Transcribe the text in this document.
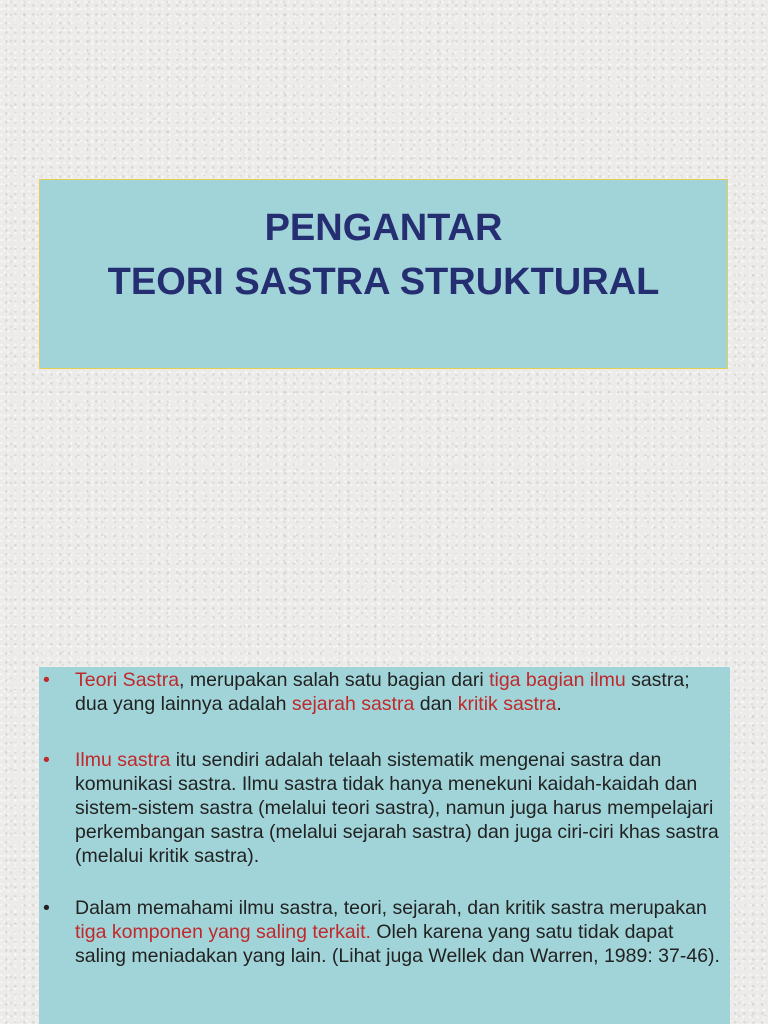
PENGANTAR
TEORI SASTRA STRUKTURAL
•	Teori Sastra, merupakan salah satu bagian dari tiga bagian ilmu sastra; dua yang lainnya adalah sejarah sastra dan kritik sastra.
•	Ilmu sastra itu sendiri adalah telaah sistematik mengenai sastra dan komunikasi sastra. Ilmu sastra tidak hanya menekuni kaidah-kaidah dan sistem-sistem sastra (melalui teori sastra), namun juga harus mempelajari perkembangan sastra (melalui sejarah sastra) dan juga ciri-ciri khas sastra (melalui kritik sastra).
•	Dalam memahami ilmu sastra, teori, sejarah, dan kritik sastra merupakan tiga komponen yang saling terkait. Oleh karena yang satu tidak dapat saling meniadakan yang lain. (Lihat juga Wellek dan Warren, 1989: 37-46).
